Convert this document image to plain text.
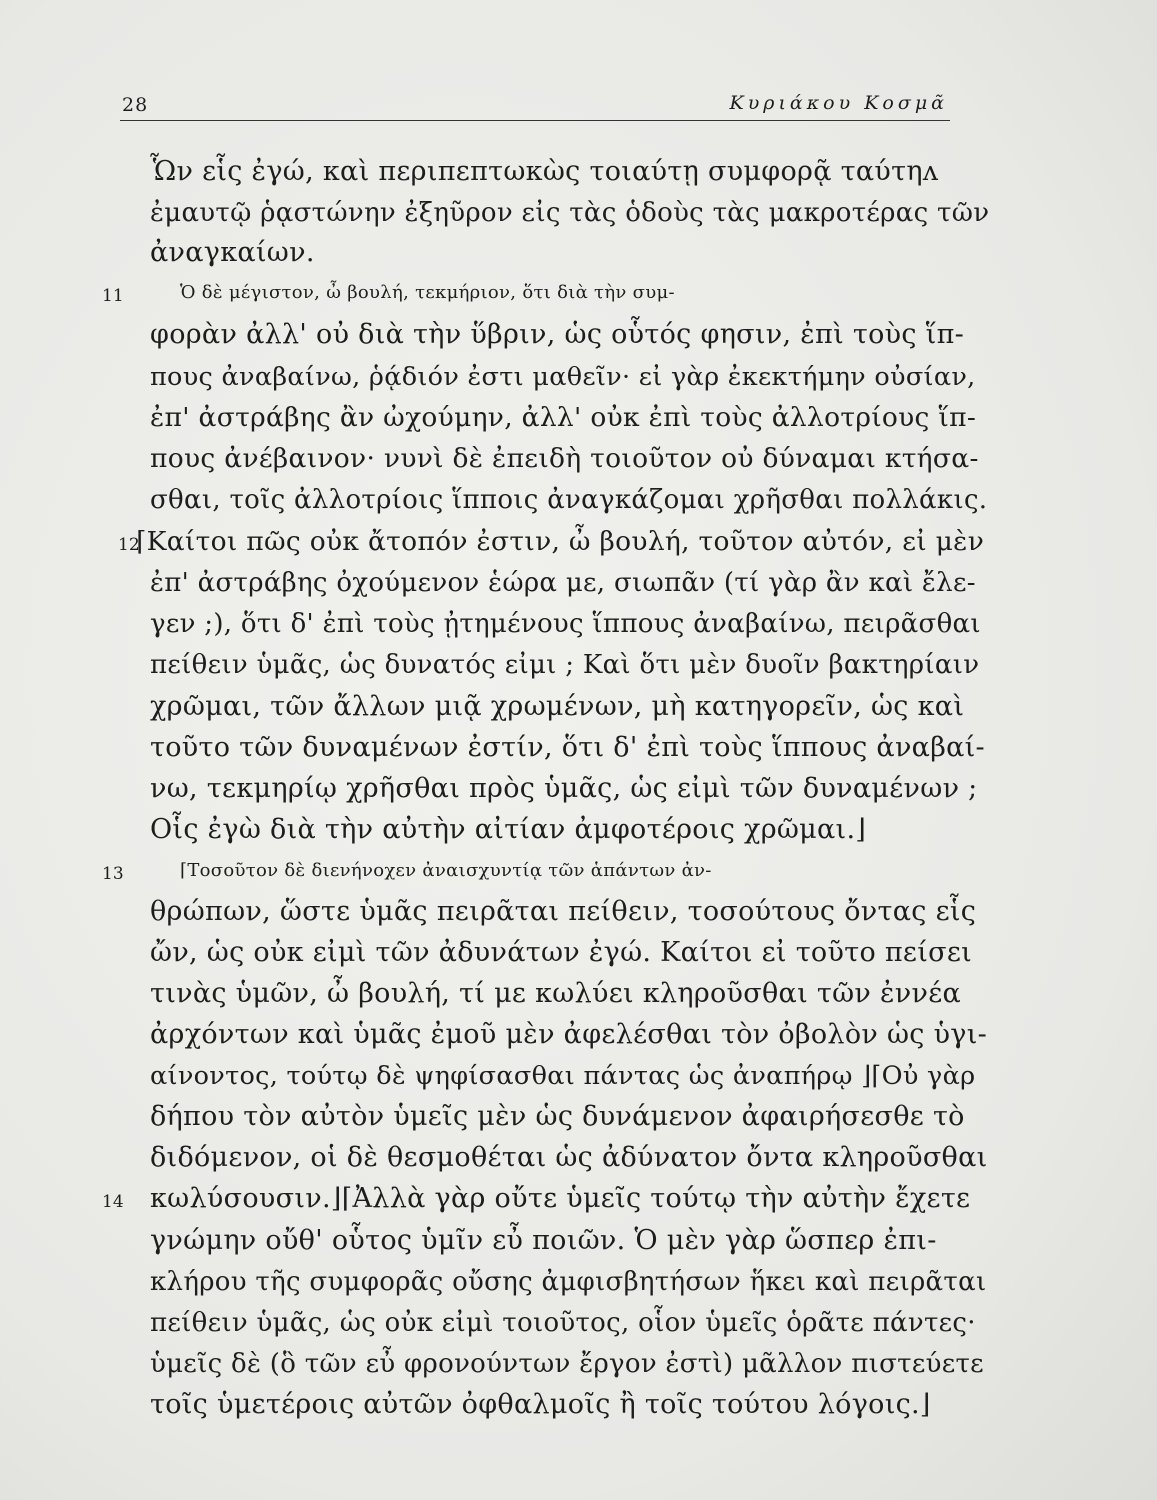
28	Κυριάκου Κοσμᾶ
Ὧν εἷς ἐγώ, καὶ περιπεπτωκὼς τοιαύτῃ συμφορᾷ ταύτηᴧ
ἐμαυτῷ ῥᾳστώνην ἐξηῦρον εἰς τὰς ὁδοὺς τὰς μακροτέρας τῶν
ἀναγκαίων.
11	Ὁ δὲ μέγιστον, ὦ βουλή, τεκμήριον, ὅτι διὰ τὴν συμ-
φορὰν ἀλλ' οὐ διὰ τὴν ὕβριν, ὡς οὗτός φησιν, ἐπὶ τοὺς ἵπ-
πους ἀναβαίνω, ῥᾴδιόν ἐστι μαθεῖν· εἰ γὰρ ἐκεκτήμην οὐσίαν,
ἐπ' ἀστράβης ἂν ὠχούμην, ἀλλ' οὐκ ἐπὶ τοὺς ἀλλοτρίους ἵπ-
πους ἀνέβαινον· νυνὶ δὲ ἐπειδὴ τοιοῦτον οὐ δύναμαι κτήσα-
σθαι, τοῖς ἀλλοτρίοις ἵπποις ἀναγκάζομαι χρῆσθαι πολλάκις.
12
⌈Καίτοι πῶς οὐκ ἄτοπόν ἐστιν, ὦ βουλή, τοῦτον αὐτόν, εἰ μὲν
ἐπ' ἀστράβης ὀχούμενον ἑώρα με, σιωπᾶν (τί γὰρ ἂν καὶ ἔλε-
γεν ;), ὅτι δ' ἐπὶ τοὺς ᾐτημένους ἵππους ἀναβαίνω, πειρᾶσθαι
πείθειν ὑμᾶς, ὡς δυνατός εἰμι ; Καὶ ὅτι μὲν δυοῖν βακτηρίαιν
χρῶμαι, τῶν ἄλλων μιᾷ χρωμένων, μὴ κατηγορεῖν, ὡς καὶ
τοῦτο τῶν δυναμένων ἐστίν, ὅτι δ' ἐπὶ τοὺς ἵππους ἀναβαί-
νω, τεκμηρίῳ χρῆσθαι πρὸς ὑμᾶς, ὡς εἰμὶ τῶν δυναμένων ;
Οἷς ἐγὼ διὰ τὴν αὐτὴν αἰτίαν ἀμφοτέροις χρῶμαι.⌋
13	⌈Τοσοῦτον δὲ διενήνοχεν ἀναισχυντίᾳ τῶν ἁπάντων ἀν-
θρώπων, ὥστε ὑμᾶς πειρᾶται πείθειν, τοσούτους ὄντας εἷς
ὤν, ὡς οὐκ εἰμὶ τῶν ἀδυνάτων ἐγώ. Καίτοι εἰ τοῦτο πείσει
τινὰς ὑμῶν, ὦ βουλή, τί με κωλύει κληροῦσθαι τῶν ἐννέα
ἀρχόντων καὶ ὑμᾶς ἐμοῦ μὲν ἀφελέσθαι τὸν ὀβολὸν ὡς ὑγι-
αίνοντος, τούτῳ δὲ ψηφίσασθαι πάντας ὡς ἀναπήρῳ ⌋⌈Οὐ γὰρ
δήπου τὸν αὐτὸν ὑμεῖς μὲν ὡς δυνάμενον ἀφαιρήσεσθε τὸ
διδόμενον, οἱ δὲ θεσμοθέται ὡς ἀδύνατον ὄντα κληροῦσθαι
14 κωλύσουσιν.⌋⌈Ἀλλὰ γὰρ οὔτε ὑμεῖς τούτῳ τὴν αὐτὴν ἔχετε
γνώμην οὔθ' οὗτος ὑμῖν εὖ ποιῶν. Ὁ μὲν γὰρ ὥσπερ ἐπι-
κλήρου τῆς συμφορᾶς οὔσης ἀμφισβητήσων ἥκει καὶ πειρᾶται
πείθειν ὑμᾶς, ὡς οὐκ εἰμὶ τοιοῦτος, οἷον ὑμεῖς ὁρᾶτε πάντες·
ὑμεῖς δὲ (ὃ τῶν εὖ φρονούντων ἔργον ἐστὶ) μᾶλλον πιστεύετε
τοῖς ὑμετέροις αὐτῶν ὀφθαλμοῖς ἢ τοῖς τούτου λόγοις.⌋
